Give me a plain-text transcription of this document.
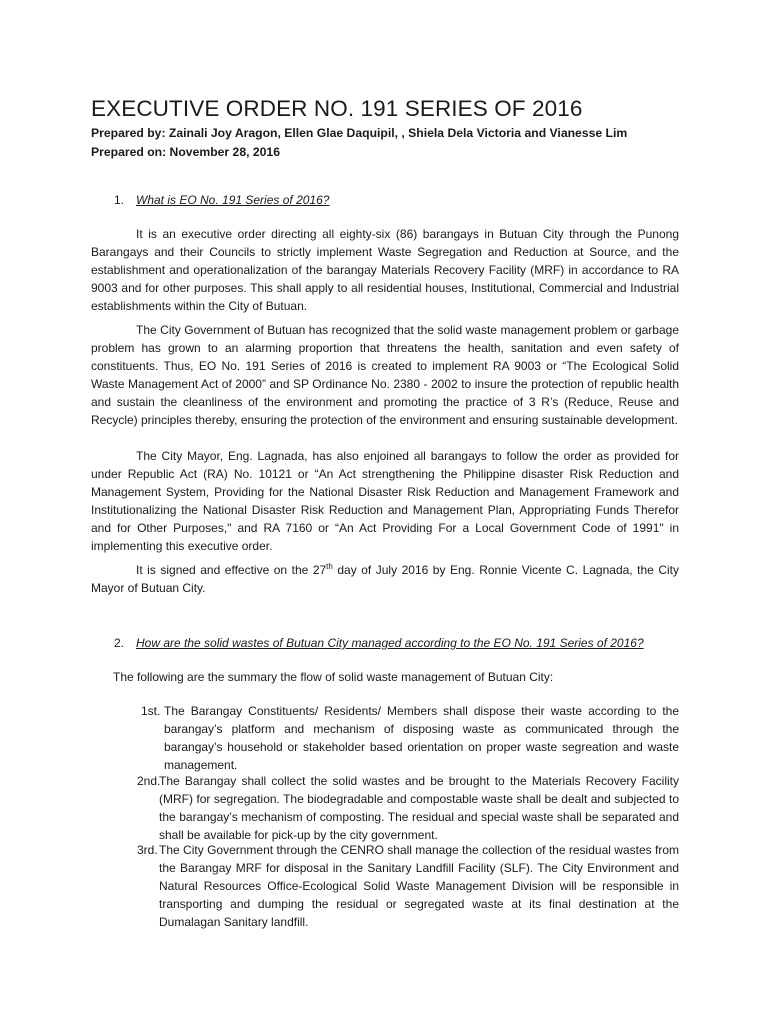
EXECUTIVE ORDER NO. 191 SERIES OF 2016

Prepared by: Zainali Joy Aragon, Ellen Glae Daquipil, , Shiela Dela Victoria and Vianesse Lim

Prepared on: November 28, 2016

1. What is EO No. 191 Series of 2016?

It is an executive order directing all eighty-six (86) barangays in Butuan City through the Punong Barangays and their Councils to strictly implement Waste Segregation and Reduction at Source, and the establishment and operationalization of the barangay Materials Recovery Facility (MRF) in accordance to RA 9003 and for other purposes. This shall apply to all residential houses, Institutional, Commercial and Industrial establishments within the City of Butuan.

The City Government of Butuan has recognized that the solid waste management problem or garbage problem has grown to an alarming proportion that threatens the health, sanitation and even safety of constituents. Thus, EO No. 191 Series of 2016 is created to implement RA 9003 or “The Ecological Solid Waste Management Act of 2000” and SP Ordinance No. 2380 - 2002 to insure the protection of republic health and sustain the cleanliness of the environment and promoting the practice of 3 R’s (Reduce, Reuse and Recycle) principles thereby, ensuring the protection of the environment and ensuring sustainable development.

The City Mayor, Eng. Lagnada, has also enjoined all barangays to follow the order as provided for under Republic Act (RA) No. 10121 or “An Act strengthening the Philippine disaster Risk Reduction and Management System, Providing for the National Disaster Risk Reduction and Management Framework and Institutionalizing the National Disaster Risk Reduction and Management Plan, Appropriating Funds Therefor and for Other Purposes," and RA 7160 or “An Act Providing For a Local Government Code of 1991" in implementing this executive order.

It is signed and effective on the 27th day of July 2016 by Eng. Ronnie Vicente C. Lagnada, the City Mayor of Butuan City.

2. How are the solid wastes of Butuan City managed according to the EO No. 191 Series of 2016?

The following are the summary the flow of solid waste management of Butuan City:

1st. The Barangay Constituents/ Residents/ Members shall dispose their waste according to the barangay’s platform and mechanism of disposing waste as communicated through the barangay’s household or stakeholder based orientation on proper waste segreation and waste management.
2nd.
The Barangay shall collect the solid wastes and be brought to the Materials Recovery Facility (MRF) for segregation. The biodegradable and compostable waste shall be dealt and subjected to the barangay’s mechanism of composting. The residual and special waste shall be separated and shall be available for pick-up by the city government.
3rd. The City Government through the CENRO shall manage the collection of the residual wastes from the Barangay MRF for disposal in the Sanitary Landfill Facility (SLF). The City Environment and Natural Resources Office-Ecological Solid Waste Management Division will be responsible in transporting and dumping the residual or segregated waste at its final destination at the Dumalagan Sanitary landfill.
